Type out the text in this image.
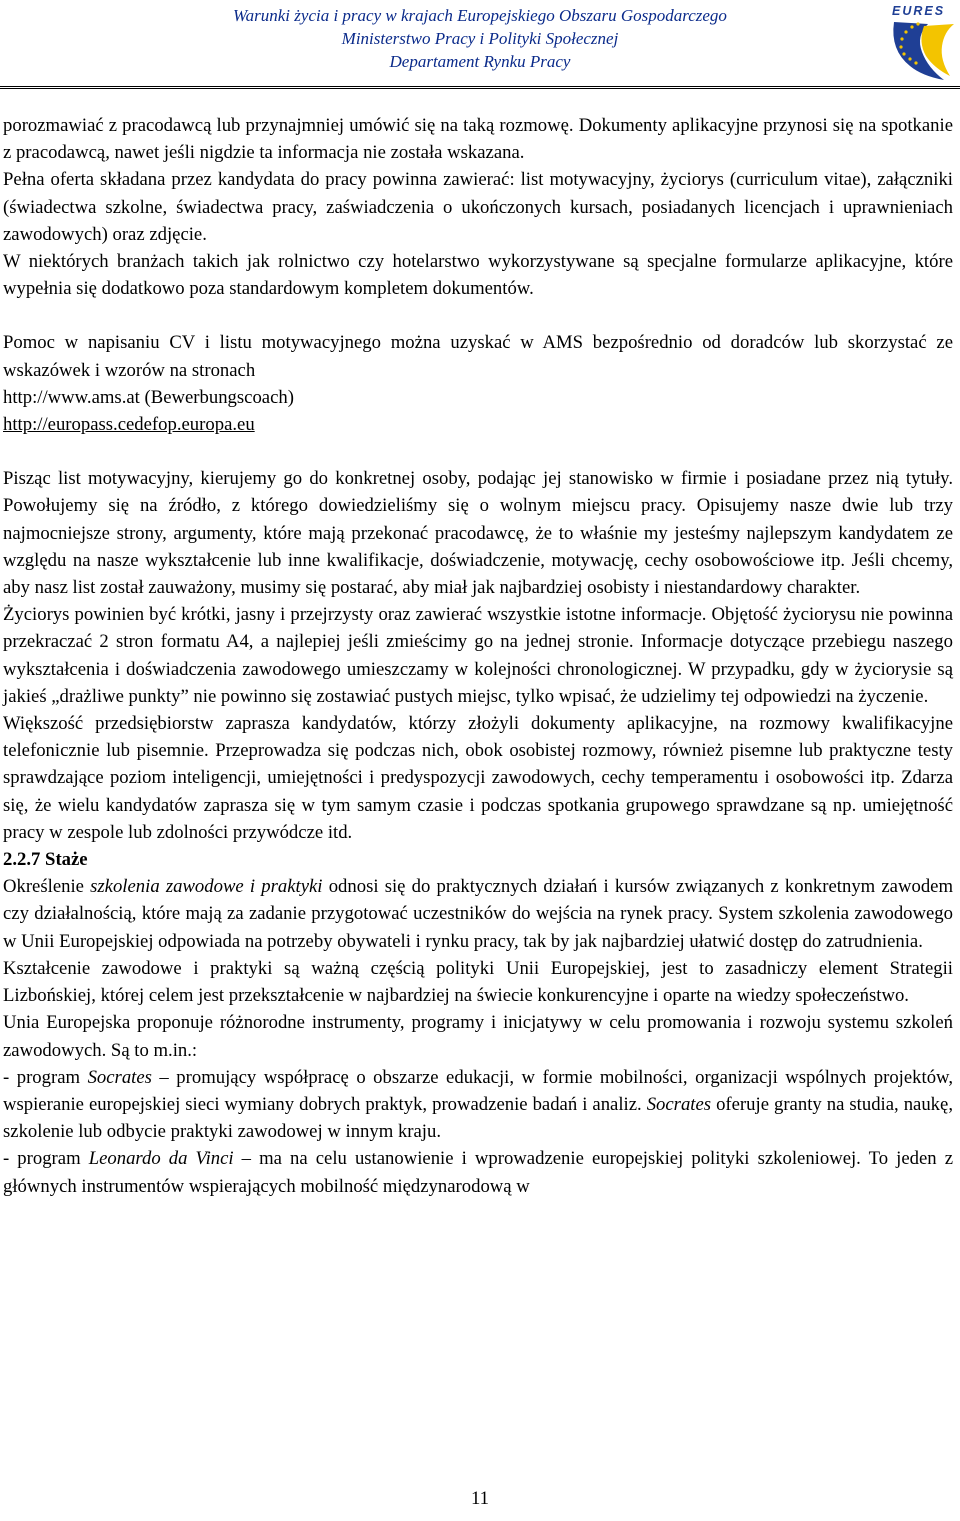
Warunki życia i pracy w krajach Europejskiego Obszaru Gospodarczego
Ministerstwo Pracy i Polityki Społecznej
Departament Rynku Pracy
EURES

porozmawiać z pracodawcą lub przynajmniej umówić się na taką rozmowę. Dokumenty aplikacyjne przynosi się na spotkanie z pracodawcą, nawet jeśli nigdzie ta informacja nie została wskazana.

Pełna oferta składana przez kandydata do pracy powinna zawierać: list motywacyjny, życiorys (curriculum vitae), załączniki (świadectwa szkolne, świadectwa pracy, zaświadczenia o ukończonych kursach, posiadanych licencjach i uprawnieniach zawodowych) oraz zdjęcie.

W niektórych branżach takich jak rolnictwo czy hotelarstwo wykorzystywane są specjalne formularze aplikacyjne, które wypełnia się dodatkowo poza standardowym kompletem dokumentów.

Pomoc w napisaniu CV i listu motywacyjnego można uzyskać w AMS bezpośrednio od doradców lub skorzystać ze wskazówek i wzorów na stronach

http://www.ams.at (Bewerbungscoach)

http://europass.cedefop.europa.eu

Pisząc list motywacyjny, kierujemy go do konkretnej osoby, podając jej stanowisko w firmie i posiadane przez nią tytuły. Powołujemy się na źródło, z którego dowiedzieliśmy się o wolnym miejscu pracy. Opisujemy nasze dwie lub trzy najmocniejsze strony, argumenty, które mają przekonać pracodawcę, że to właśnie my jesteśmy najlepszym kandydatem ze względu na naszе wykształcenie lub inne kwalifikacje, doświadczenie, motywację, cechy osobowościowe itp. Jeśli chcemy, aby nasz list został zauważony, musimy się postarać, aby miał jak najbardziej osobisty i niestandardowy charakter.

Życiorys powinien być krótki, jasny i przejrzysty oraz zawierać wszystkie istotne informacje. Objętość życiorysu nie powinna przekraczać 2 stron formatu A4, a najlepiej jeśli zmieścimy go na jednej stronie. Informacje dotyczące przebiegu naszego wykształcenia i doświadczenia zawodowego umieszczamy w kolejności chronologicznej. W przypadku, gdy w życiorysie są jakieś „drażliwe punkty” nie powinno się zostawiać pustych miejsc, tylko wpisać, że udzielimy tej odpowiedzi na życzenie.

Większość przedsiębiorstw zaprasza kandydatów, którzy złożyli dokumenty aplikacyjne, na rozmowy kwalifikacyjne telefonicznie lub pisemnie. Przeprowadza się podczas nich, obok osobistej rozmowy, również pisemne lub praktyczne testy sprawdzające poziom inteligencji, umiejętności i predyspozycji zawodowych, cechy temperamentu i osobowości itp. Zdarza się, że wielu kandydatów zaprasza się w tym samym czasie i podczas spotkania grupowego sprawdzane są np. umiejętność pracy w zespole lub zdolności przywódcze itd.

2.2.7 Staże

Określenie szkolenia zawodowe i praktyki odnosi się do praktycznych działań i kursów związanych z konkretnym zawodem czy działalnością, które mają za zadanie przygotować uczestników do wejścia na rynek pracy. System szkolenia zawodowego w Unii Europejskiej odpowiada na potrzeby obywateli i rynku pracy, tak by jak najbardziej ułatwić dostęp do zatrudnienia.

Kształcenie zawodowe i praktyki są ważną częścią polityki Unii Europejskiej, jest to zasadniczy element Strategii Lizbońskiej, której celem jest przekształcenie w najbardziej na świecie konkurencyjne i oparte na wiedzy społeczeństwo.

Unia Europejska proponuje różnorodne instrumenty, programy i inicjatywy w celu promowania i rozwoju systemu szkoleń zawodowych. Są to m.in.:

- program Socrates – promujący współpracę o obszarze edukacji, w formie mobilności, organizacji wspólnych projektów, wspieranie europejskiej sieci wymiany dobrych praktyk, prowadzenie badań i analiz. Socrates oferuje granty na studia, naukę, szkolenie lub odbycie praktyki zawodowej w innym kraju.

- program Leonardo da Vinci – ma na celu ustanowienie i wprowadzenie europejskiej polityki szkoleniowej. To jeden z głównych instrumentów wspierających mobilność międzynarodową w

11
